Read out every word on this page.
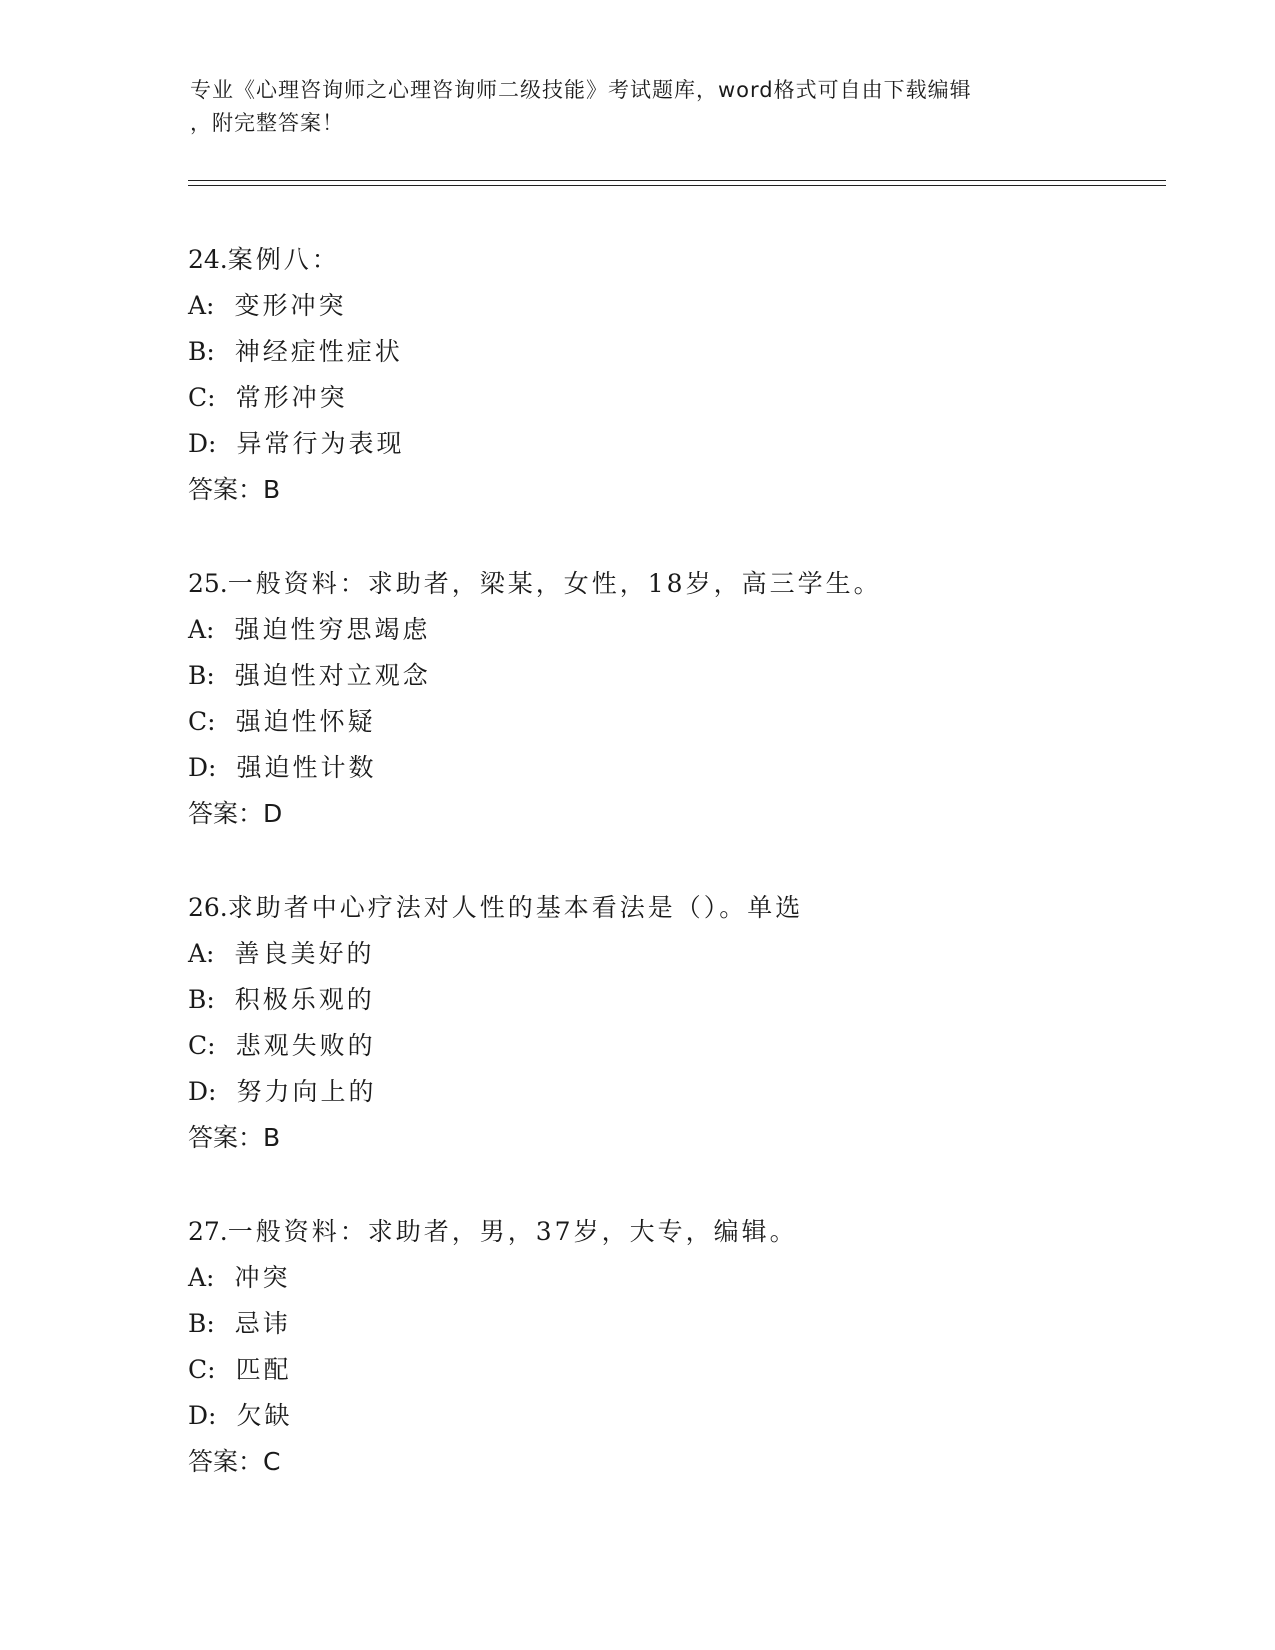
专业《心理咨询师之心理咨询师二级技能》考试题库，word格式可自由下载编辑
，附完整答案！
24.案例八：
A: 变形冲突
B: 神经症性症状
C: 常形冲突
D: 异常行为表现
答案：B
25.一般资料：求助者，梁某，女性，18岁，高三学生。
A: 强迫性穷思竭虑
B: 强迫性对立观念
C: 强迫性怀疑
D: 强迫性计数
答案：D
26.求助者中心疗法对人性的基本看法是（）。单选
A: 善良美好的
B: 积极乐观的
C: 悲观失败的
D: 努力向上的
答案：B
27.一般资料：求助者，男，37岁，大专，编辑。
A: 冲突
B: 忌讳
C: 匹配
D: 欠缺
答案：C
